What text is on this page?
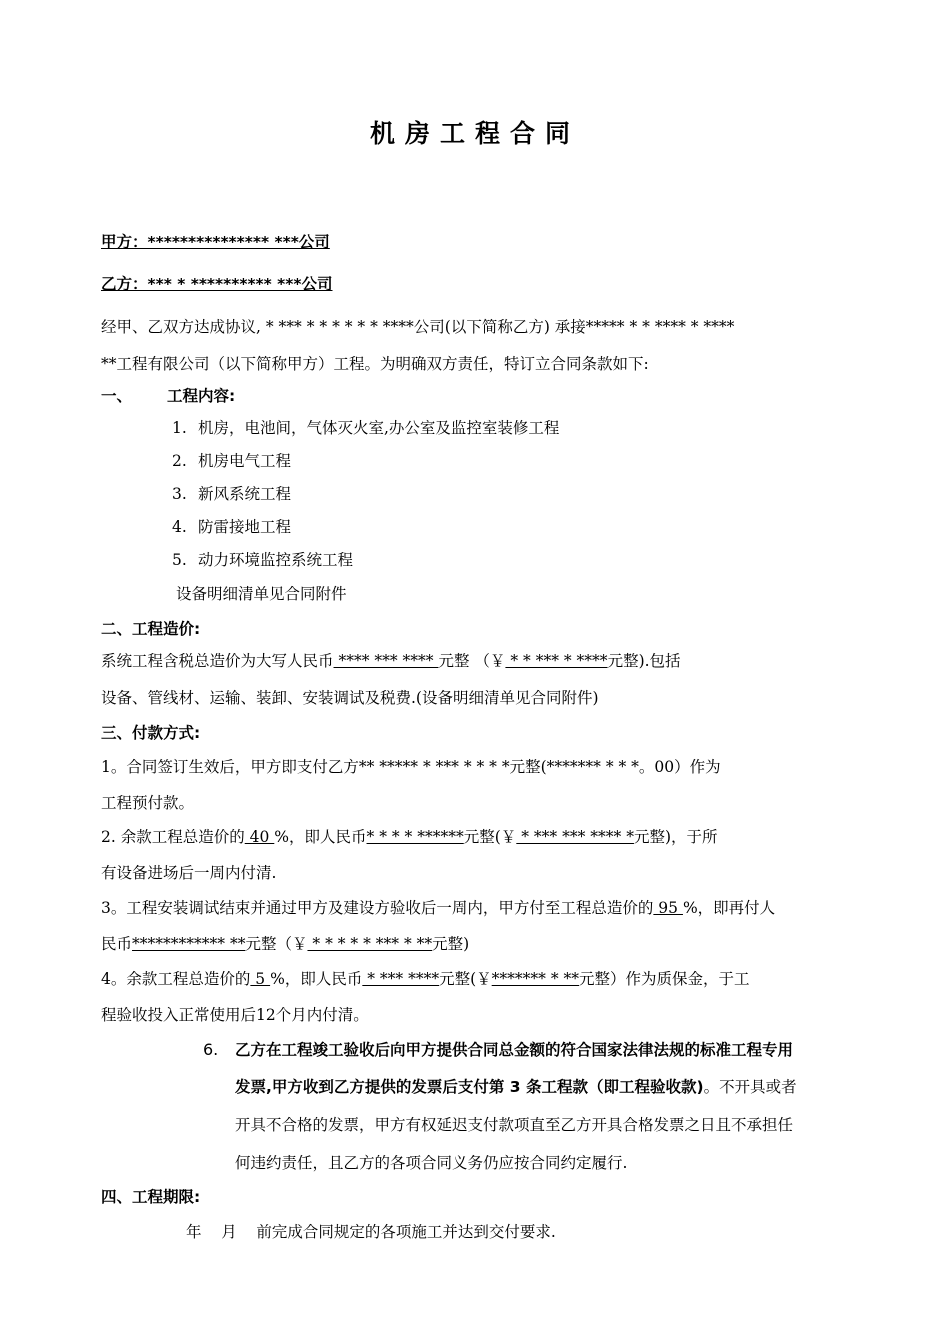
机房工程合同
甲方：*************** ***公司
乙方：*** * ********** ***公司
经甲、乙双方达成协议, * *** * * * * * * ****公司(以下简称乙方) 承接***** * * **** * ****
**工程有限公司（以下简称甲方）工程。为明确双方责任，特订立合同条款如下:
一、 工程内容:
1. 机房，电池间，气体灭火室,办公室及监控室装修工程
2. 机房电气工程
3. 新风系统工程
4. 防雷接地工程
5. 动力环境监控系统工程
设备明细清单见合同附件
二、工程造价:
系统工程含税总造价为大写人民币 **** *** **** 元整 （￥ * * *** * ****元整).包括
设备、管线材、运输、装卸、安装调试及税费.(设备明细清单见合同附件)
三、付款方式:
1。合同签订生效后，甲方即支付乙方** ***** * *** * * * *元整(******* * * *。00）作为
工程预付款。
2. 余款工程总造价的 40 %，即人民币* * * * ******元整(￥ * *** *** **** *元整)，于所
有设备进场后一周内付清.
3。工程安装调试结束并通过甲方及建设方验收后一周内，甲方付至工程总造价的 95 %，即再付人
民币************ **元整（￥ * * * * * *** * **元整)
4。余款工程总造价的 5 %，即人民币 * *** ****元整(￥******* * **元整）作为质保金，于工
程验收投入正常使用后12个月内付清。
6. 乙方在工程竣工验收后向甲方提供合同总金额的符合国家法律法规的标准工程专用
发票,甲方收到乙方提供的发票后支付第 3 条工程款（即工程验收款)。不开具或者
开具不合格的发票，甲方有权延迟支付款项直至乙方开具合格发票之日且不承担任
何违约责任，且乙方的各项合同义务仍应按合同约定履行.
四、工程期限:
年    月    前完成合同规定的各项施工并达到交付要求.
